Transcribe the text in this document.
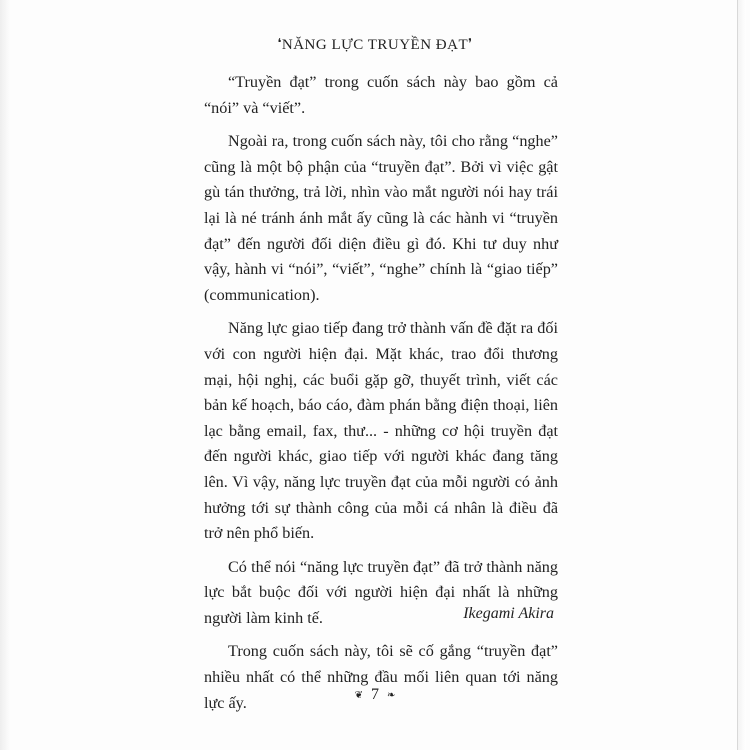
❛NĂNG LỰC TRUYỀN ĐẠT❜

“Truyền đạt” trong cuốn sách này bao gồm cả “nói” và “viết”.

Ngoài ra, trong cuốn sách này, tôi cho rằng “nghe” cũng là một bộ phận của “truyền đạt”. Bởi vì việc gật gù tán thưởng, trả lời, nhìn vào mắt người nói hay trái lại là né tránh ánh mắt ấy cũng là các hành vi “truyền đạt” đến người đối diện điều gì đó. Khi tư duy như vậy, hành vi “nói”, “viết”, “nghe” chính là “giao tiếp” (communication).

Năng lực giao tiếp đang trở thành vấn đề đặt ra đối với con người hiện đại. Mặt khác, trao đổi thương mại, hội nghị, các buổi gặp gỡ, thuyết trình, viết các bản kế hoạch, báo cáo, đàm phán bằng điện thoại, liên lạc bằng email, fax, thư... - những cơ hội truyền đạt đến người khác, giao tiếp với người khác đang tăng lên. Vì vậy, năng lực truyền đạt của mỗi người có ảnh hưởng tới sự thành công của mỗi cá nhân là điều đã trở nên phổ biến.

Có thể nói “năng lực truyền đạt” đã trở thành năng lực bắt buộc đối với người hiện đại nhất là những người làm kinh tế.

Trong cuốn sách này, tôi sẽ cố gắng “truyền đạt” nhiều nhất có thể những đầu mối liên quan tới năng lực ấy.

Ikegami Akira
❦ 7 ❧
